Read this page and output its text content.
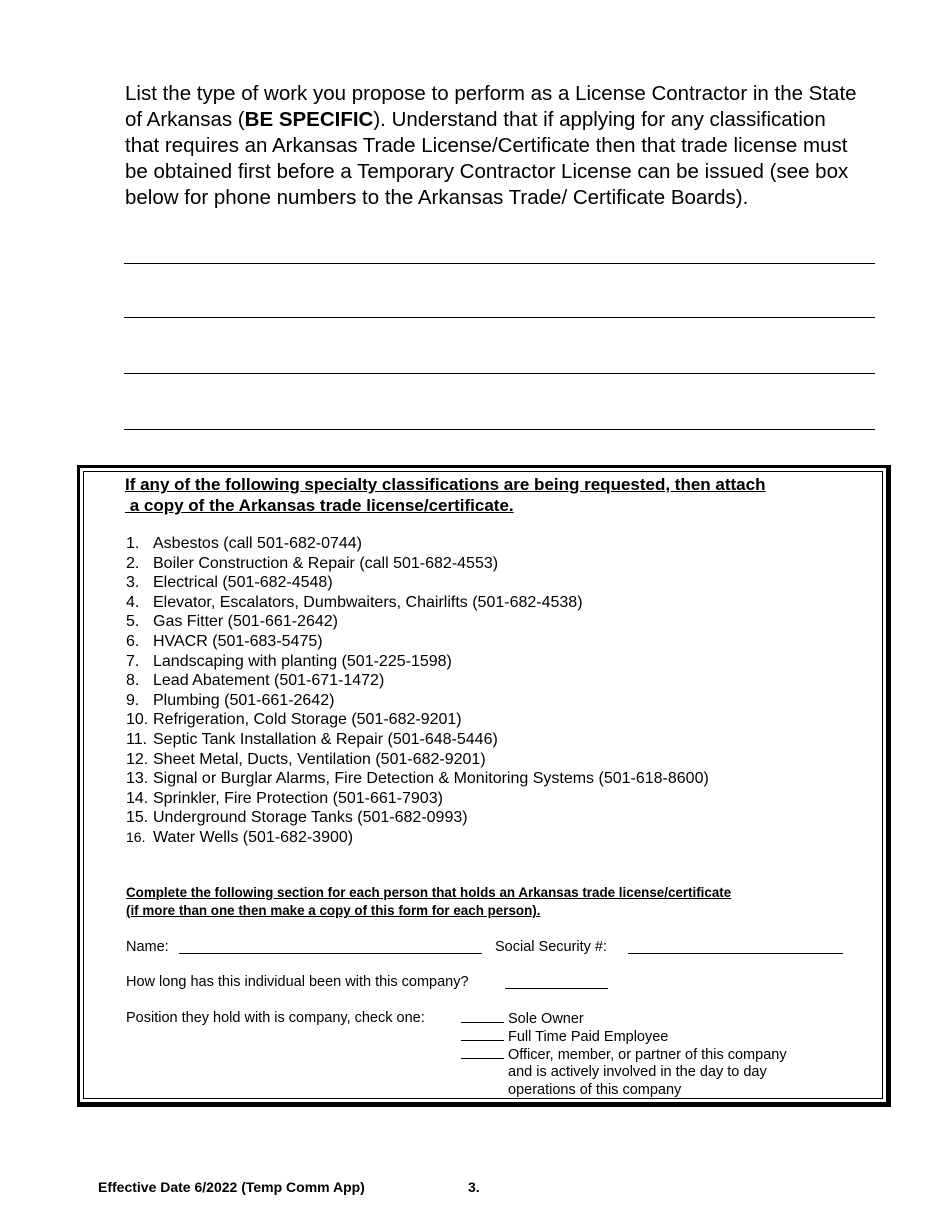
List the type of work you propose to perform as a License Contractor in the State of Arkansas (BE SPECIFIC). Understand that if applying for any classification that requires an Arkansas Trade License/Certificate then that trade license must be obtained first before a Temporary Contractor License can be issued (see box below for phone numbers to the Arkansas Trade/ Certificate Boards).

If any of the following specialty classifications are being requested, then attach
a copy of the Arkansas trade license/certificate.

1. Asbestos (call 501-682-0744)
2. Boiler Construction & Repair (call 501-682-4553)
3. Electrical (501-682-4548)
4. Elevator, Escalators, Dumbwaiters, Chairlifts (501-682-4538)
5. Gas Fitter (501-661-2642)
6. HVACR (501-683-5475)
7. Landscaping with planting (501-225-1598)
8. Lead Abatement (501-671-1472)
9. Plumbing (501-661-2642)
10. Refrigeration, Cold Storage (501-682-9201)
11. Septic Tank Installation & Repair (501-648-5446)
12. Sheet Metal, Ducts, Ventilation (501-682-9201)
13. Signal or Burglar Alarms, Fire Detection & Monitoring Systems (501-618-8600)
14. Sprinkler, Fire Protection (501-661-7903)
15. Underground Storage Tanks (501-682-0993)
16. Water Wells (501-682-3900)

Complete the following section for each person that holds an Arkansas trade license/certificate
(if more than one then make a copy of this form for each person).

Name:	Social Security #:
How long has this individual been with this company?
Position they hold with is company, check one:	Sole Owner
Full Time Paid Employee
Officer, member, or partner of this company
and is actively involved in the day to day
operations of this company
Effective Date 6/2022 (Temp Comm App)	3.
